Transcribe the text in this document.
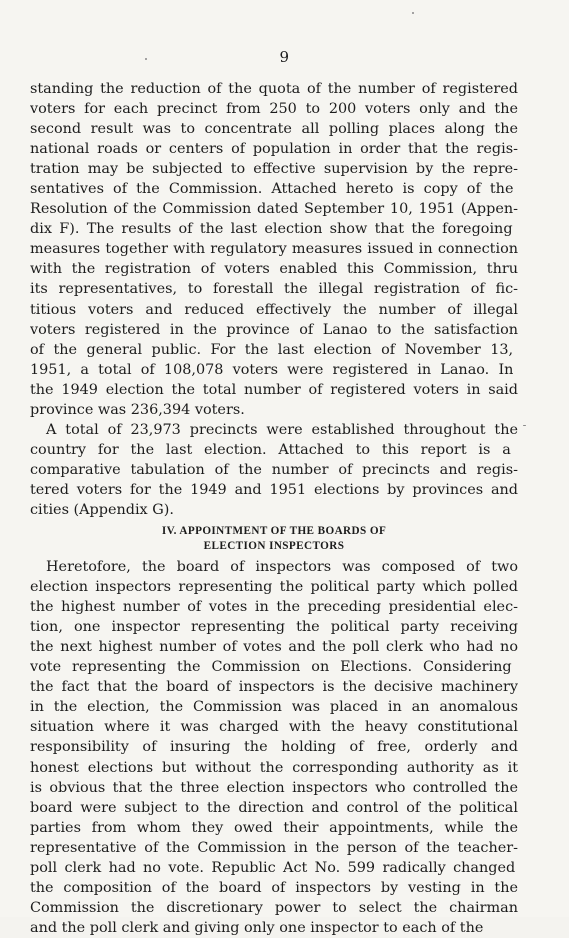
9
standing the reduction of the quota of the number of registered
voters for each precinct from 250 to 200 voters only and the
second result was to concentrate all polling places along the
national roads or centers of population in order that the regis-
tration may be subjected to effective supervision by the repre-
sentatives of the Commission. Attached hereto is copy of the
Resolution of the Commission dated September 10, 1951 (Appen-
dix F). The results of the last election show that the foregoing
measures together with regulatory measures issued in connection
with the registration of voters enabled this Commission, thru
its representatives, to forestall the illegal registration of fic-
titious voters and reduced effectively the number of illegal
voters registered in the province of Lanao to the satisfaction
of the general public. For the last election of November 13,
1951, a total of 108,078 voters were registered in Lanao. In
the 1949 election the total number of registered voters in said
province was 236,394 voters.
A total of 23,973 precincts were established throughout the
country for the last election. Attached to this report is a
comparative tabulation of the number of precincts and regis-
tered voters for the 1949 and 1951 elections by provinces and
cities (Appendix G).
IV. APPOINTMENT OF THE BOARDS OF
ELECTION INSPECTORS
Heretofore, the board of inspectors was composed of two
election inspectors representing the political party which polled
the highest number of votes in the preceding presidential elec-
tion, one inspector representing the political party receiving
the next highest number of votes and the poll clerk who had no
vote representing the Commission on Elections. Considering
the fact that the board of inspectors is the decisive machinery
in the election, the Commission was placed in an anomalous
situation where it was charged with the heavy constitutional
responsibility of insuring the holding of free, orderly and
honest elections but without the corresponding authority as it
is obvious that the three election inspectors who controlled the
board were subject to the direction and control of the political
parties from whom they owed their appointments, while the
representative of the Commission in the person of the teacher-
poll clerk had no vote. Republic Act No. 599 radically changed
the composition of the board of inspectors by vesting in the
Commission the discretionary power to select the chairman
and the poll clerk and giving only one inspector to each of the
